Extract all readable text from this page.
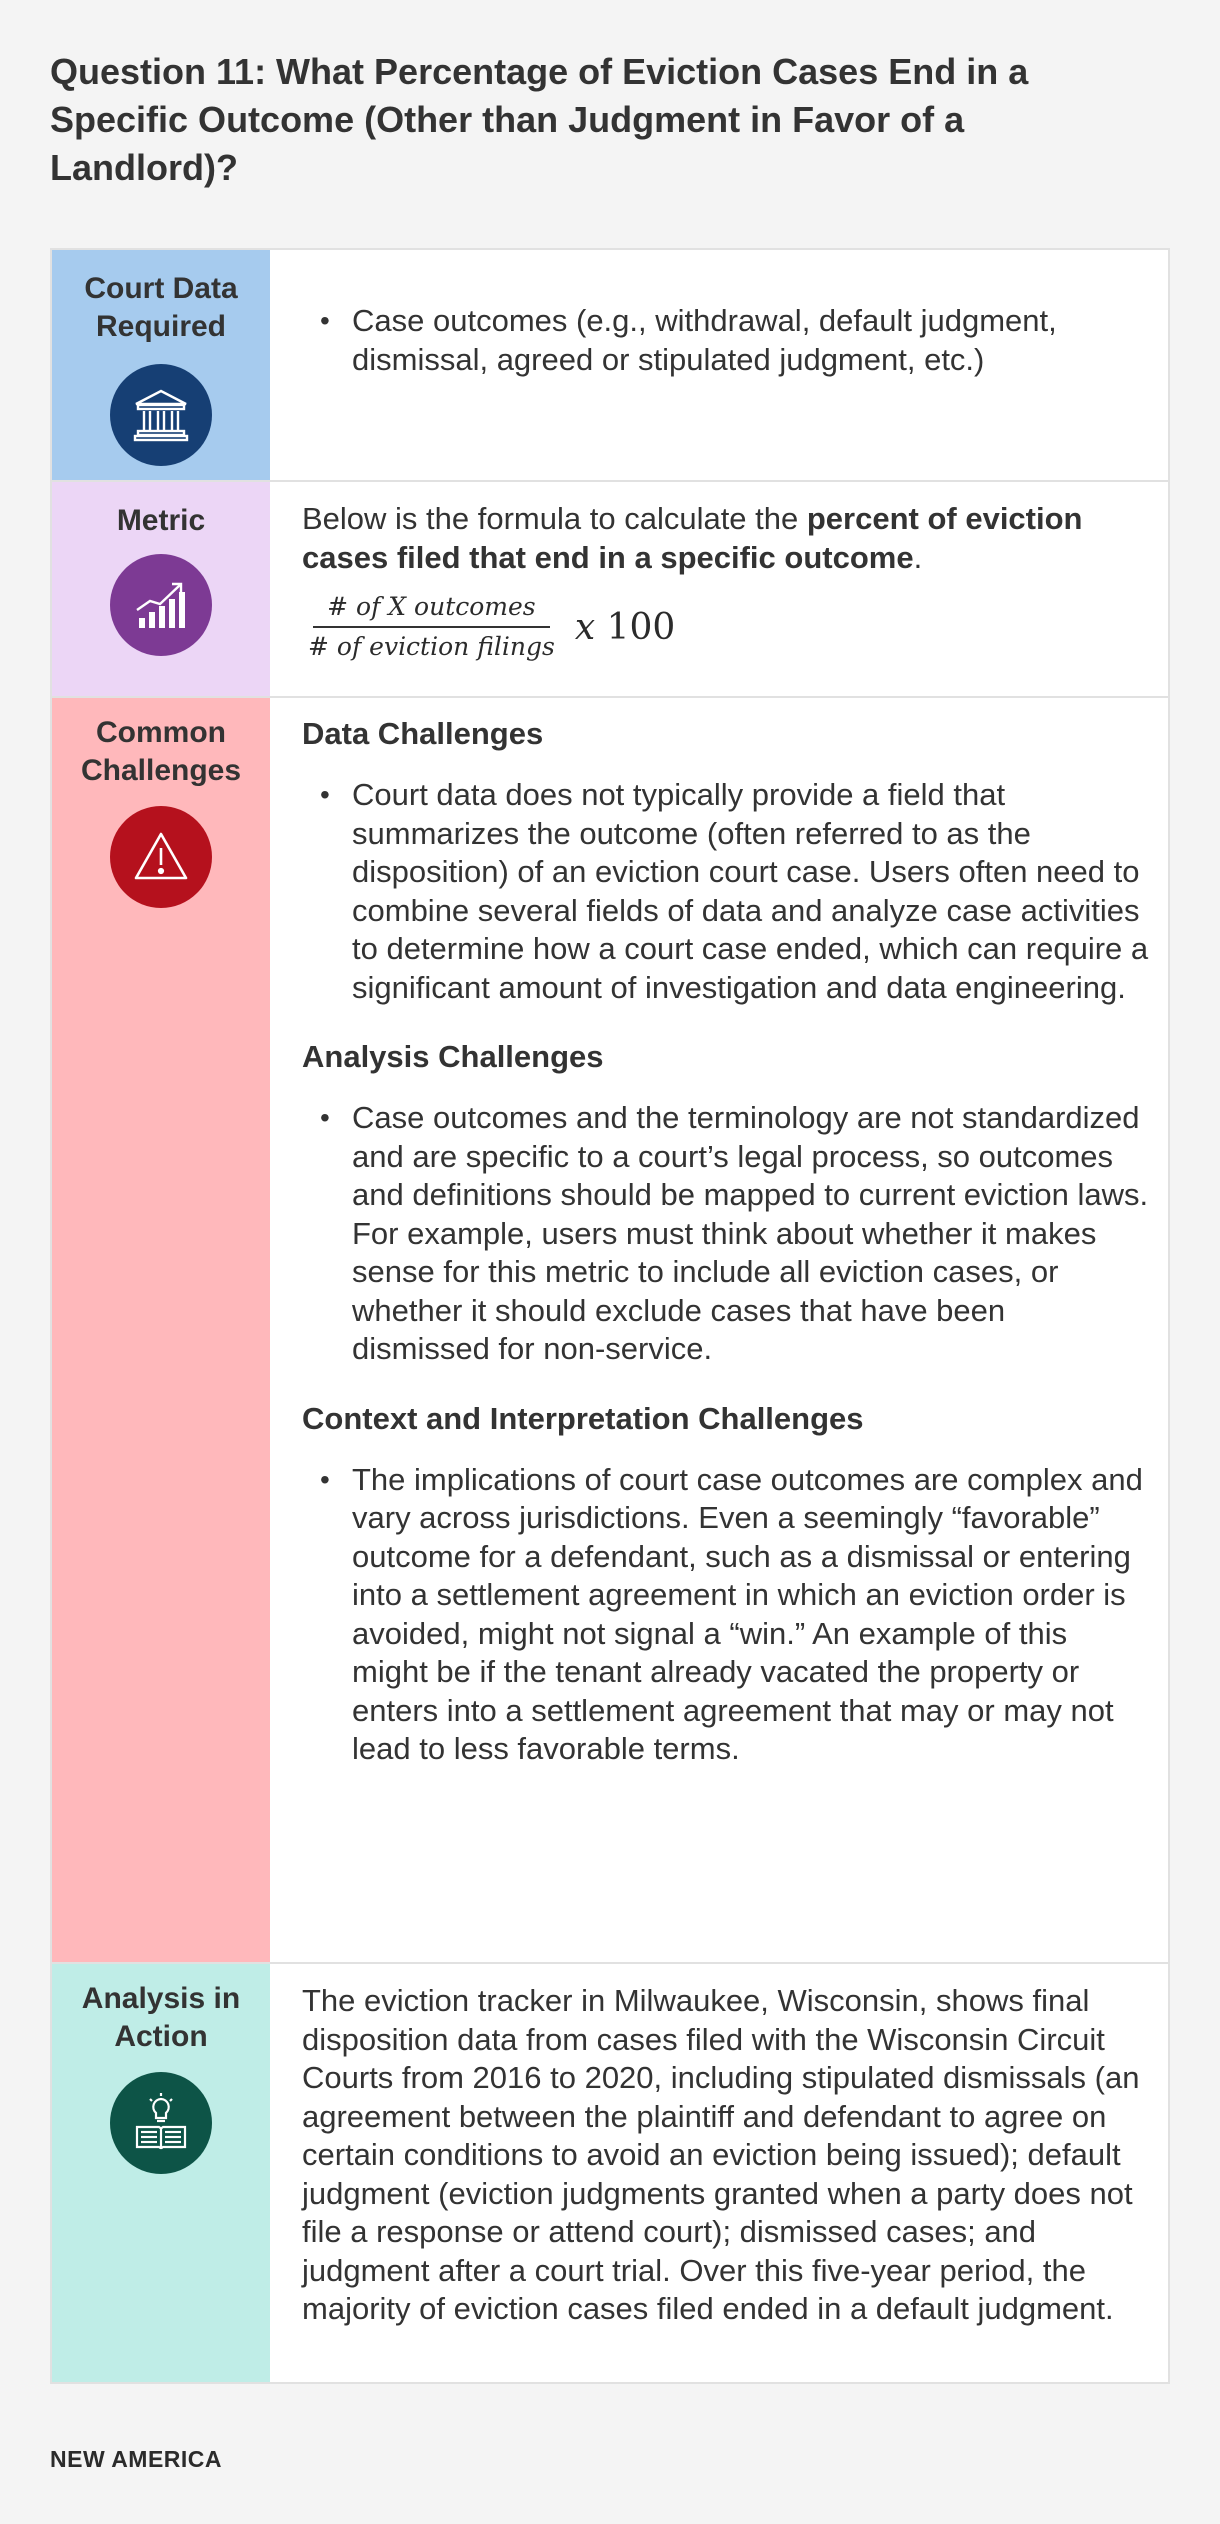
Question 11: What Percentage of Eviction Cases End in a Specific Outcome (Other than Judgment in Favor of a Landlord)?
Court Data Required
•	Case outcomes (e.g., withdrawal, default judgment, dismissal, agreed or stipulated judgment, etc.)
Metric	Below is the formula to calculate the percent of eviction cases filed that end in a specific outcome.

$\frac{\text{\# of X outcomes}}{\text{\# of eviction filings}}$ x 100
Common Challenges
Data Challenges
• Court data does not typically provide a field that summarizes the outcome (often referred to as the disposition) of an eviction court case. Users often need to combine several fields of data and analyze case activities to determine how a court case ended, which can require a significant amount of investigation and data engineering.
Analysis Challenges
• Case outcomes and the terminology are not standardized and are specific to a court’s legal process, so outcomes and definitions should be mapped to current eviction laws. For example, users must think about whether it makes sense for this metric to include all eviction cases, or whether it should exclude cases that have been dismissed for non-service.
Context and Interpretation Challenges
• The implications of court case outcomes are complex and vary across jurisdictions. Even a seemingly “favorable” outcome for a defendant, such as a dismissal or entering into a settlement agreement in which an eviction order is avoided, might not signal a “win.” An example of this might be if the tenant already vacated the property or enters into a settlement agreement that may or may not lead to less favorable terms.
Analysis in Action

The eviction tracker in Milwaukee, Wisconsin, shows final disposition data from cases filed with the Wisconsin Circuit Courts from 2016 to 2020, including stipulated dismissals (an agreement between the plaintiff and defendant to agree on certain conditions to avoid an eviction being issued); default judgment (eviction judgments granted when a party does not file a response or attend court); dismissed cases; and judgment after a court trial. Over this five-year period, the majority of eviction cases filed ended in a default judgment.

NEW AMERICA
